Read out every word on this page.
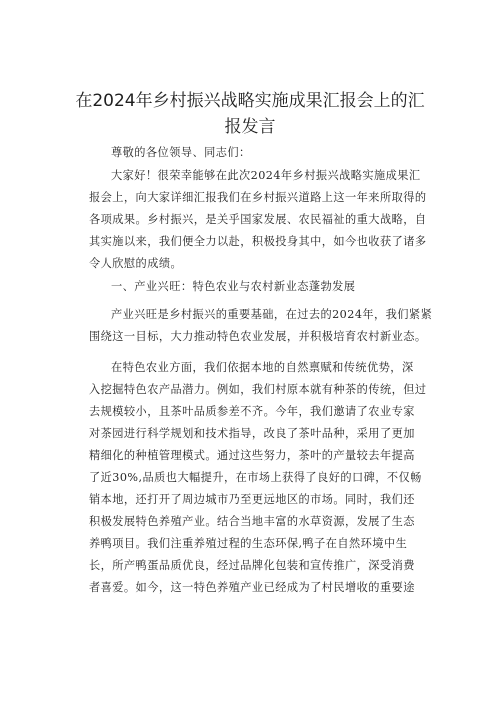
在2024年乡村振兴战略实施成果汇报会上的汇
报发言

尊敬的各位领导、同志们：

大家好！很荣幸能够在此次2024年乡村振兴战略实施成果汇
报会上，向大家详细汇报我们在乡村振兴道路上这一年来所取得的
各项成果。乡村振兴，是关乎国家发展、农民福祉的重大战略，自
其实施以来，我们便全力以赴，积极投身其中，如今也收获了诸多
令人欣慰的成绩。

一、产业兴旺：特色农业与农村新业态蓬勃发展

产业兴旺是乡村振兴的重要基础，在过去的2024年，我们紧紧
围绕这一目标，大力推动特色农业发展，并积极培育农村新业态。

在特色农业方面，我们依据本地的自然禀赋和传统优势，深
入挖掘特色农产品潜力。例如，我们村原本就有种茶的传统，但过
去规模较小，且茶叶品质参差不齐。今年，我们邀请了农业专家
对茶园进行科学规划和技术指导，改良了茶叶品种，采用了更加
精细化的种植管理模式。通过这些努力，茶叶的产量较去年提高
了近30%,品质也大幅提升，在市场上获得了良好的口碑，不仅畅
销本地，还打开了周边城市乃至更远地区的市场。同时，我们还
积极发展特色养殖产业。结合当地丰富的水草资源，发展了生态
养鸭项目。我们注重养殖过程的生态环保,鸭子在自然环境中生
长，所产鸭蛋品质优良，经过品牌化包装和宣传推广，深受消费
者喜爱。如今，这一特色养殖产业已经成为了村民增收的重要途
